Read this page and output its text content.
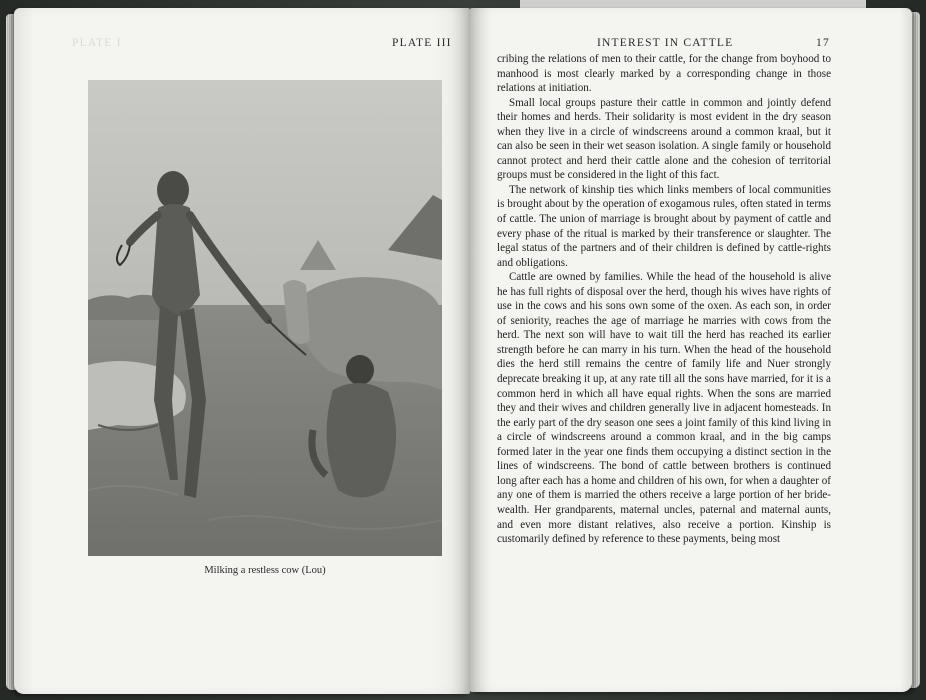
PLATE I	PLATE III
Milking a restless cow (Lou)
INTEREST IN CATTLE	17

cribing the relations of men to their cattle, for the change from boyhood to manhood is most clearly marked by a corresponding change in those relations at initiation.

Small local groups pasture their cattle in common and jointly defend their homes and herds. Their solidarity is most evident in the dry season when they live in a circle of windscreens around a common kraal, but it can also be seen in their wet season isolation. A single family or household cannot protect and herd their cattle alone and the cohesion of territorial groups must be considered in the light of this fact.

The network of kinship ties which links members of local communities is brought about by the operation of exogamous rules, often stated in terms of cattle. The union of marriage is brought about by payment of cattle and every phase of the ritual is marked by their transference or slaughter. The legal status of the partners and of their children is defined by cattle-rights and obligations.

Cattle are owned by families. While the head of the household is alive he has full rights of disposal over the herd, though his wives have rights of use in the cows and his sons own some of the oxen. As each son, in order of seniority, reaches the age of marriage he marries with cows from the herd. The next son will have to wait till the herd has reached its earlier strength before he can marry in his turn. When the head of the household dies the herd still remains the centre of family life and Nuer strongly deprecate breaking it up, at any rate till all the sons have married, for it is a common herd in which all have equal rights. When the sons are married they and their wives and children generally live in adjacent homesteads. In the early part of the dry season one sees a joint family of this kind living in a circle of windscreens around a common kraal, and in the big camps formed later in the year one finds them occupying a distinct section in the lines of windscreens. The bond of cattle between brothers is continued long after each has a home and children of his own, for when a daughter of any one of them is married the others receive a large portion of her bride-wealth. Her grandparents, maternal uncles, paternal and maternal aunts, and even more distant relatives, also receive a portion. Kinship is customarily defined by reference to these payments, being most
